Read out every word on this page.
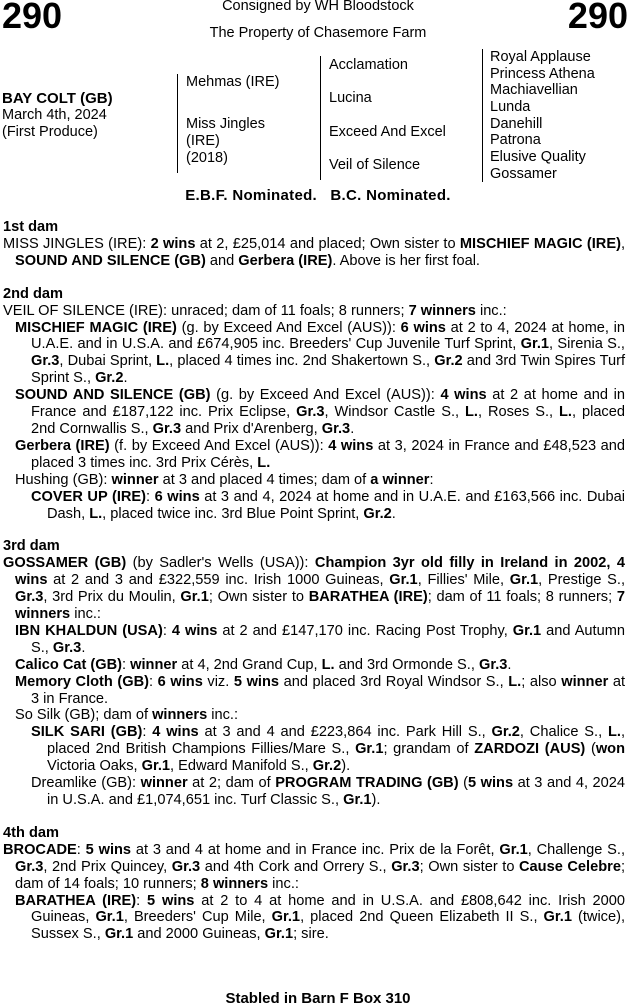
290	290
Consigned by WH Bloodstock
The Property of Chasemore Farm
BAY COLT (GB)
March 4th, 2024
(First Produce)
Mehmas (IRE)
Miss Jingles
(IRE)
(2018)
Acclamation
Lucina
Exceed And Excel
Veil of Silence
Royal Applause
Princess Athena
Machiavellian
Lunda
Danehill
Patrona
Elusive Quality
Gossamer
E.B.F. Nominated.   B.C. Nominated.

1st dam

MISS JINGLES (IRE): 2 wins at 2, £25,014 and placed; Own sister to MISCHIEF MAGIC (IRE), SOUND AND SILENCE (GB) and Gerbera (IRE). Above is her first foal.

2nd dam

VEIL OF SILENCE (IRE): unraced; dam of 11 foals; 8 runners; 7 winners inc.:

MISCHIEF MAGIC (IRE) (g. by Exceed And Excel (AUS)): 6 wins at 2 to 4, 2024 at home, in U.A.E. and in U.S.A. and £674,905 inc. Breeders' Cup Juvenile Turf Sprint, Gr.1, Sirenia S., Gr.3, Dubai Sprint, L., placed 4 times inc. 2nd Shakertown S., Gr.2 and 3rd Twin Spires Turf Sprint S., Gr.2.

SOUND AND SILENCE (GB) (g. by Exceed And Excel (AUS)): 4 wins at 2 at home and in France and £187,122 inc. Prix Eclipse, Gr.3, Windsor Castle S., L., Roses S., L., placed 2nd Cornwallis S., Gr.3 and Prix d'Arenberg, Gr.3.

Gerbera (IRE) (f. by Exceed And Excel (AUS)): 4 wins at 3, 2024 in France and £48,523 and placed 3 times inc. 3rd Prix Cérès, L.

Hushing (GB): winner at 3 and placed 4 times; dam of a winner:

COVER UP (IRE): 6 wins at 3 and 4, 2024 at home and in U.A.E. and £163,566 inc. Dubai Dash, L., placed twice inc. 3rd Blue Point Sprint, Gr.2.

3rd dam

GOSSAMER (GB) (by Sadler's Wells (USA)): Champion 3yr old filly in Ireland in 2002, 4 wins at 2 and 3 and £322,559 inc. Irish 1000 Guineas, Gr.1, Fillies' Mile, Gr.1, Prestige S., Gr.3, 3rd Prix du Moulin, Gr.1; Own sister to BARATHEA (IRE); dam of 11 foals; 8 runners; 7 winners inc.:

IBN KHALDUN (USA): 4 wins at 2 and £147,170 inc. Racing Post Trophy, Gr.1 and Autumn S., Gr.3.

Calico Cat (GB): winner at 4, 2nd Grand Cup, L. and 3rd Ormonde S., Gr.3.

Memory Cloth (GB): 6 wins viz. 5 wins and placed 3rd Royal Windsor S., L.; also winner at 3 in France.

So Silk (GB); dam of winners inc.:

SILK SARI (GB): 4 wins at 3 and 4 and £223,864 inc. Park Hill S., Gr.2, Chalice S., L., placed 2nd British Champions Fillies/Mare S., Gr.1; grandam of ZARDOZI (AUS) (won Victoria Oaks, Gr.1, Edward Manifold S., Gr.2).

Dreamlike (GB): winner at 2; dam of PROGRAM TRADING (GB) (5 wins at 3 and 4, 2024 in U.S.A. and £1,074,651 inc. Turf Classic S., Gr.1).

4th dam

BROCADE: 5 wins at 3 and 4 at home and in France inc. Prix de la Forêt, Gr.1, Challenge S., Gr.3, 2nd Prix Quincey, Gr.3 and 4th Cork and Orrery S., Gr.3; Own sister to Cause Celebre; dam of 14 foals; 10 runners; 8 winners inc.:

BARATHEA (IRE): 5 wins at 2 to 4 at home and in U.S.A. and £808,642 inc. Irish 2000 Guineas, Gr.1, Breeders' Cup Mile, Gr.1, placed 2nd Queen Elizabeth II S., Gr.1 (twice), Sussex S., Gr.1 and 2000 Guineas, Gr.1; sire.

Stabled in Barn F Box 310
